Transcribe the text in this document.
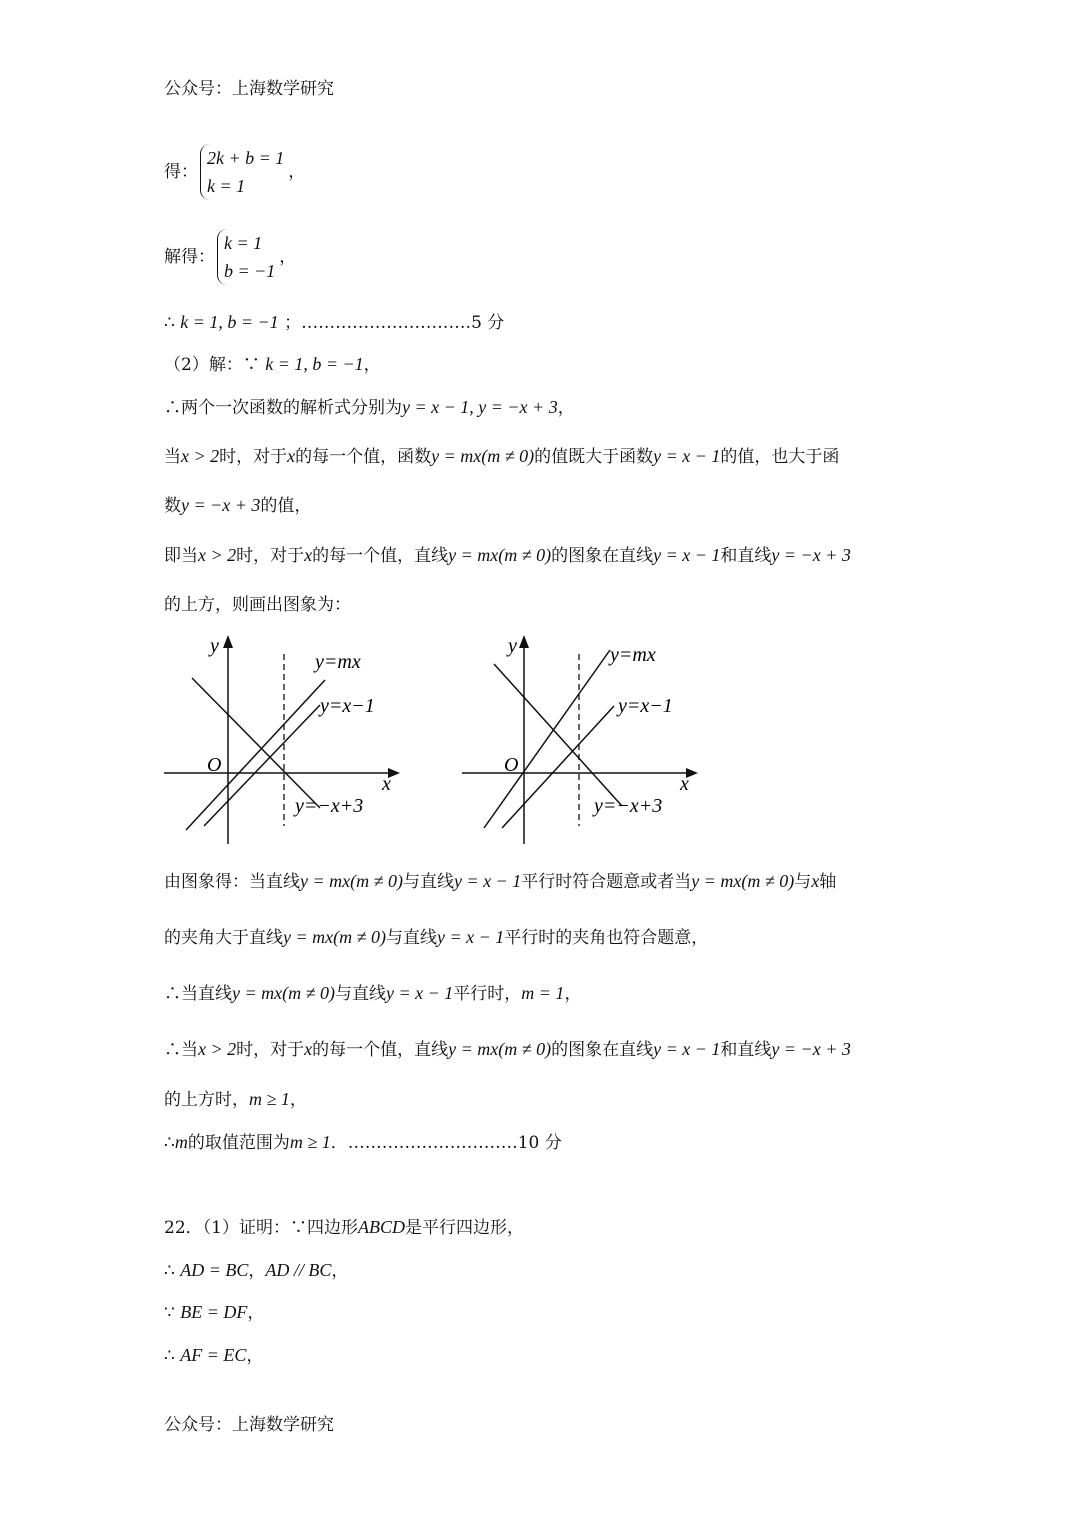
公众号：上海数学研究
得：
2k + b = 1
k = 1
，
解得：
k = 1
b = −1
，
∴ k = 1, b = −1 ；…………………………5 分
（2）解：∵ k = 1, b = −1，
∴两个一次函数的解析式分别为y = x − 1, y = −x + 3，
当x > 2时，对于x的每一个值，函数y = mx(m ≠ 0)的值既大于函数y = x − 1的值，也大于函
数y = −x + 3的值，
即当x > 2时，对于x的每一个值，直线y = mx(m ≠ 0)的图象在直线y = x − 1和直线y = −x + 3
的上方，则画出图象为：
y
x
O
y=mx
y=x−1
y=−x+3
y
x
O
y=mx
y=x−1
y=−x+3
由图象得：当直线y = mx(m ≠ 0)与直线y = x − 1平行时符合题意或者当y = mx(m ≠ 0)与x轴
的夹角大于直线y = mx(m ≠ 0)与直线y = x − 1平行时的夹角也符合题意，
∴当直线y = mx(m ≠ 0)与直线y = x − 1平行时，m = 1，
∴当x > 2时，对于x的每一个值，直线y = mx(m ≠ 0)的图象在直线y = x − 1和直线y = −x + 3
的上方时，m ≥ 1，
∴m的取值范围为m ≥ 1．…………………………10 分
22．（1）证明：∵四边形ABCD是平行四边形，
∴ AD = BC，AD // BC，
∵ BE = DF，
∴ AF = EC，
公众号：上海数学研究
